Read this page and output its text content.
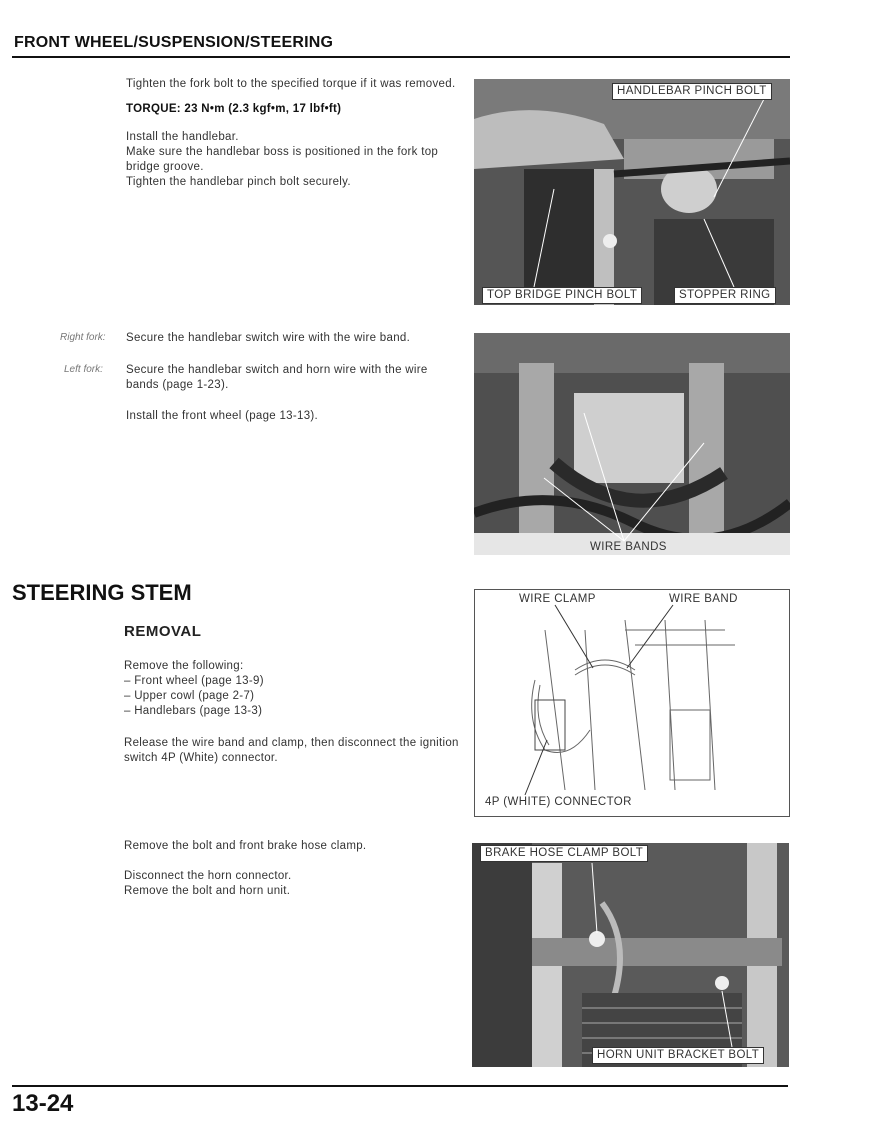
FRONT WHEEL/SUSPENSION/STEERING
Tighten the fork bolt to the specified torque if it was removed.
TORQUE: 23 N•m (2.3 kgf•m, 17 lbf•ft)
Install the handlebar.
Make sure the handlebar boss is positioned in the fork top bridge groove.
Tighten the handlebar pinch bolt securely.
HANDLEBAR PINCH BOLT
TOP BRIDGE PINCH BOLT	STOPPER RING
Right fork: Secure the handlebar switch wire with the wire band.
Left fork: Secure the handlebar switch and horn wire with the wire bands (page 1-23).
Install the front wheel (page 13-13).
WIRE BANDS
STEERING STEM
REMOVAL
Remove the following:
– Front wheel (page 13-9)
– Upper cowl (page 2-7)
– Handlebars (page 13-3)
Release the wire band and clamp, then disconnect the ignition switch 4P (White) connector.
WIRE CLAMP	WIRE BAND
4P (WHITE) CONNECTOR
Remove the bolt and front brake hose clamp.
Disconnect the horn connector.
Remove the bolt and horn unit.
BRAKE HOSE CLAMP BOLT
HORN UNIT BRACKET BOLT
13-24
